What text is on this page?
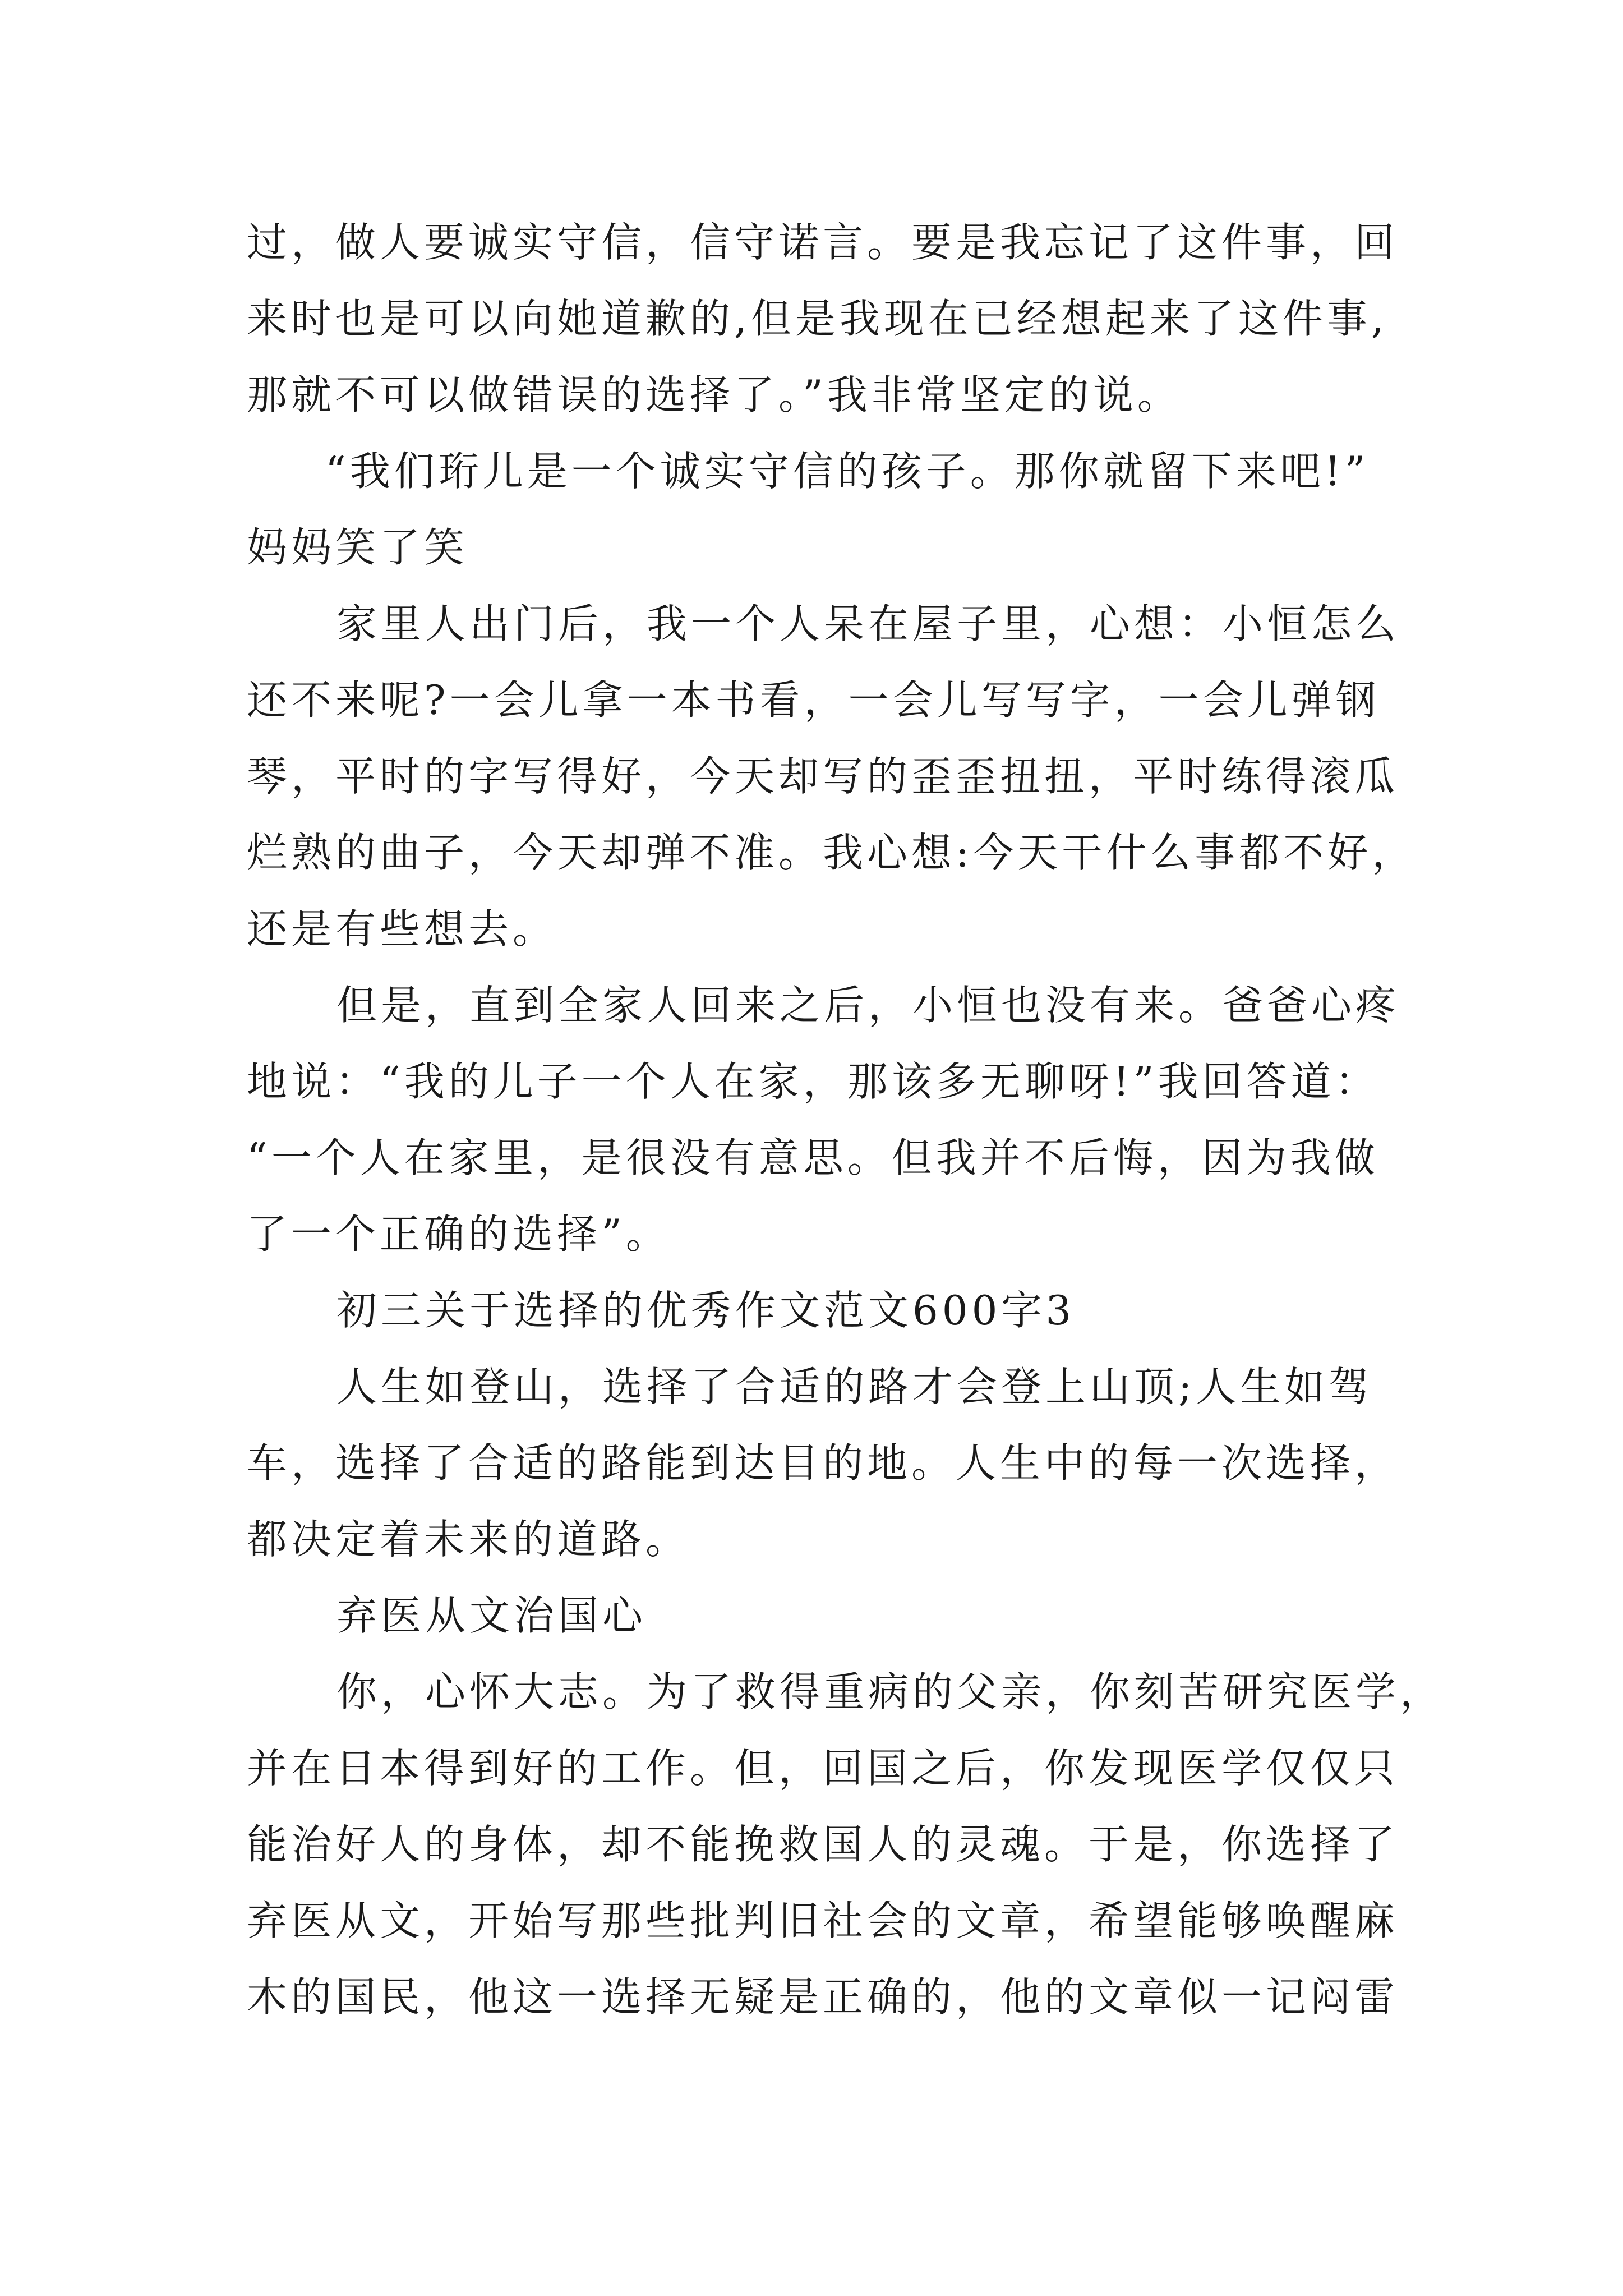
过，做人要诚实守信，信守诺言。要是我忘记了这件事，回
来时也是可以向她道歉的,但是我现在已经想起来了这件事,
那就不可以做错误的选择了。”我非常坚定的说。
“我们珩儿是一个诚实守信的孩子。那你就留下来吧!”
妈妈笑了笑
家里人出门后，我一个人呆在屋子里，心想：小恒怎么
还不来呢?一会儿拿一本书看，一会儿写写字，一会儿弹钢
琴，平时的字写得好，今天却写的歪歪扭扭，平时练得滚瓜
烂熟的曲子，今天却弹不准。我心想:今天干什么事都不好，
还是有些想去。
但是，直到全家人回来之后，小恒也没有来。爸爸心疼
地说：“我的儿子一个人在家，那该多无聊呀!”我回答道：
“一个人在家里，是很没有意思。但我并不后悔，因为我做
了一个正确的选择”。
初三关于选择的优秀作文范文600字3
人生如登山，选择了合适的路才会登上山顶;人生如驾
车，选择了合适的路能到达目的地。人生中的每一次选择，
都决定着未来的道路。
弃医从文治国心
你，心怀大志。为了救得重病的父亲，你刻苦研究医学，
并在日本得到好的工作。但，回国之后，你发现医学仅仅只
能治好人的身体，却不能挽救国人的灵魂。于是，你选择了
弃医从文，开始写那些批判旧社会的文章，希望能够唤醒麻
木的国民，他这一选择无疑是正确的，他的文章似一记闷雷
